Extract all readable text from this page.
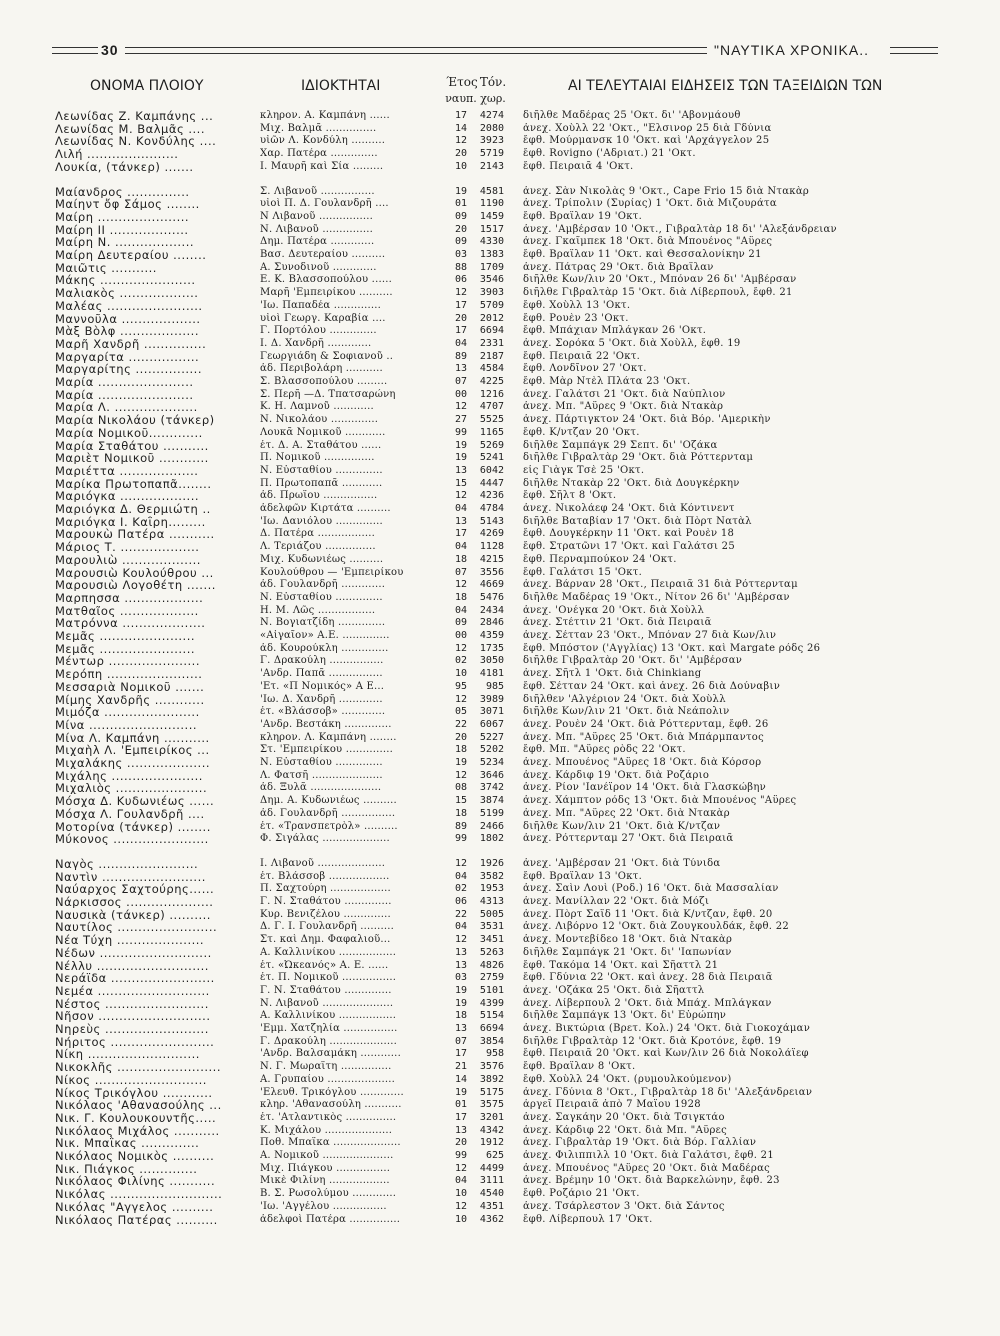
30	"ΝΑΥΤΙΚΑ ΧΡΟΝΙΚΑ..
ΟΝΟΜΑ ΠΛΟΙΟΥ	ΙΔΙΟΚΤΗΤΑΙ	Έτος
ναυπ.
Τόν.
χωρ.
ΑΙ ΤΕΛΕΥΤΑΙΑΙ ΕΙΔΗΣΕΙΣ ΤΩΝ ΤΑΞΕΙΔΙΩΝ ΤΩΝ
Λεωνίδας Ζ. Καμπάνης ...	κληρον. Α. Καμπάνη ......	17	4274 διῆλθε Μαδέρας 25 'Οκτ. δι' 'Αβονμάουθ
Λεωνίδας Μ. Βαλμᾶς ....	Μιχ. Βαλμᾶ ...............	14	2080 ἀνεχ. Χοὺλλ 22 'Οκτ., "Ελσινορ 25 διὰ Γδύνια
Λεωνίδας Ν. Κονδύλης ....	υἱῶν Λ. Κονδύλη ..........	12	3923 ἔφθ. Μούρμανσκ 10 'Οκτ. καὶ 'Αρχάγγελον 25
Λιλή ......................	Χαρ. Πατέρα ..............	20	5719 ἔφθ. Rovigno ('Αδριατ.) 21 'Οκτ.
Λουκία, (τάνκερ) .......	Ι. Μαυρῆ καὶ Σία .........	10	2143 ἔφθ. Πειραιᾶ 4 'Οκτ.
Μαίανδρος ...............	Σ. Λιβανοῦ ................	19	4581 ἀνεχ. Σὰν Νικολὰς 9 'Οκτ., Cape Frio 15 διὰ Ντακὰρ
Μαίηντ ὄφ Σάμος ........	υἱοὶ Π. Δ. Γουλανδρῆ ....	01	1190 ἀνεχ. Τρίπολιν (Συρίας) 1 'Οκτ. διὰ Μιζουράτα
Μαίρη ......................	Ν Λιβανοῦ ................	09	1459 ἔφθ. Βραΐλαν 19 'Οκτ.
Μαίρη ΙΙ ...................	Ν. Λιβανοῦ ...............	20	1517 ἀνεχ. 'Αμβέρσαν 10 'Οκτ., Γιβραλτὰρ 18 δι' 'Αλεξάνδρειαν
Μαίρη Ν. ...................	Δημ. Πατέρα .............	09	4330 ἀνεχ. Γκαῖμπεκ 18 'Οκτ. διὰ Μπουένος "Αϋρες
Μαίρη Δευτεραίου ........	Βασ. Δευτεραίου ..........	03	1383 ἔφθ. Βραΐλαν 11 'Οκτ. καὶ Θεσσαλονίκην 21
Μαιῶτις ...........	Α. Συνοδινοῦ .............	88	1709 ἀνεχ. Πάτρας 29 'Οκτ. διὰ Βραΐλαν
Μάκης .......................	Ε. Κ. Βλασσοπούλου ......	06	3546 διῆλθε Κων/λιν 20 'Οκτ., Μπόναν 26 δι' 'Αμβέρσαν
Μαλιακὸς ...................	Μαρῆ 'Εμπειρίκου ..........	12	3903 διῆλθε Γιβραλτὰρ 15 'Οκτ. διὰ Λίβερπουλ, ἔφθ. 21
Μαλέας .......................	'Ιω. Παπαδέα ..............	17	5709 ἔφθ. Χοὺλλ 13 'Οκτ.
Μαννοῦλα ...................	υἱοὶ Γεωργ. Καραβία ....	20	2012 ἔφθ. Ρουὲν 23 'Οκτ.
Μὰξ Βὸλφ ...................	Γ. Πορτόλου ..............	17	6694 ἔφθ. Μπάχιαν Μπλάγκαν 26 'Οκτ.
Μαρῆ Χανδρῆ ...............	Ι. Δ. Χανδρῆ .............	04	2331 ἀνεχ. Σορόκα 5 'Οκτ. διὰ Χοὺλλ, ἔφθ. 19
Μαργαρίτα .................	Γεωργιάδη & Σοφιανοῦ ..	89	2187 ἔφθ. Πειραιᾶ 22 'Οκτ.
Μαργαρίτης ................	ἀδ. Περιβολάρη ...........	13	4584 ἔφθ. Λονδῖνον 27 'Οκτ.
Μαρία .......................	Σ. Βλασσοπούλου .........	07	4225 ἔφθ. Μὰρ Ντὲλ Πλάτα 23 'Οκτ.
Μαρία .......................	Σ. Περῆ —Δ. Τπατσαρώνη	00	1216 ἀνεχ. Γαλάτσι 21 'Οκτ. διὰ Ναύπλιον
Μαρία Λ. ....................	Κ. Η. Λαμνοῦ ............	12	4707 ἀνεχ. Μπ. "Αϋρες 9 'Οκτ. διὰ Ντακὰρ
Μαρία Νικολάου (τάνκερ)	Ν. Νικολάου ..............	27	5525 ἀνεχ. Πάρτιγκτον 24 'Οκτ. διὰ Βόρ. 'Αμερικὴν
Μαρία Νομικοῦ.............	Λουκᾶ Νομικοῦ ............	99	1165 ἔφθ. Κ/ντζαν 20 'Οκτ.
Μαρία Σταθάτου ...........	ἐτ. Δ. Α. Σταθάτου ......	19	5269 διῆλθε Σαμπάγκ 29 Σεπτ. δι' 'Οζάκα
Μαριὲτ Νομικοῦ ............	Π. Νομικοῦ ...............	19	5241 διῆλθε Γιβραλτὰρ 29 'Οκτ. διὰ Ρόττερνταμ
Μαριέττα ...................	Ν. Εὐσταθίου ..............	13	6042 εἰς Γιὰγκ Τσὲ 25 'Οκτ.
Μαρίκα Πρωτοπαπᾶ........	Π. Πρωτοπαπᾶ ............	15	4447 διῆλθε Ντακὰρ 22 'Οκτ. διὰ Δουγκέρκην
Μαριόγκα ...................	ἀδ. Πρωΐου ................	12	4236 ἔφθ. Σῆλτ 8 'Οκτ.
Μαριόγκα Δ. Θερμιώτη ..	ἀδελφῶν Κιρτάτα ..........	04	4784 ἀνεχ. Νικολάεφ 24 'Οκτ. διὰ Κόντινεντ
Μαριόγκα Ι. Καΐρη.........	'Ιω. Δανιόλου ..............	13	5143 διῆλθε Βαταβίαν 17 'Οκτ. διὰ Πὸρτ Νατὰλ
Μαρουκὼ Πατέρα ...........	Δ. Πατέρα .................	17	4269 ἔφθ. Δουγκέρκην 11 'Οκτ. καὶ Ρουὲν 18
Μάριος Τ. ...................	Λ. Τεριάζου ...............	04	1128 ἔφθ. Στρατῶνι 17 'Οκτ. καὶ Γαλάτσι 25
Μαρουλιὼ ...................	Μιχ. Κυδωνιέως ..........	18	4215 ἔφθ. Περναμπούκον 24 'Οκτ.
Μαρουσιὼ Κουλούθρου ...	Κουλούθρου — 'Εμπειρίκου	07	3556 ἔφθ. Γαλάτσι 15 'Οκτ.
Μαρουσιὼ Λογοθέτη .......	ἀδ. Γουλανδρῆ .............	12	4669 ἀνεχ. Βάρναν 28 'Οκτ., Πειραιᾶ 31 διὰ Ρόττερνταμ
Μαρπησσα ...................	Ν. Εὐσταθίου ..............	18	5476 διῆλθε Μαδέρας 19 'Οκτ., Νίτον 26 δι' 'Αμβέρσαν
Ματθαῖος ...................	Η. Μ. Λῶς .................	04	2434 ἀνεχ. 'Ονέγκα 20 'Οκτ. διὰ Χοὺλλ
Ματρόννα ....................	Ν. Βογιατζίδη ..............	09	2846 ἀνεχ. Στέττιν 21 'Οκτ. διὰ Πειραιᾶ
Μεμᾶς .......................	«Αἰγαῖον» Α.Ε. ..............	00	4359 ἀνεχ. Σέτταν 23 'Οκτ., Μπόναν 27 διὰ Κων/λιν
Μεμᾶς .......................	ἀδ. Κουρούκλη ..............	12	1735 ἔφθ. Μπόστον ('Αγγλίας) 13 'Οκτ. καὶ Margate ρόδς 26
Μέντωρ ......................	Γ. Δρακούλη ................	02	3050 διῆλθε Γιβραλτὰρ 20 'Οκτ. δι' 'Αμβέρσαν
Μερόπη .......................	'Ανδρ. Παπᾶ ................	10	4181 ἀνεχ. Σῆτλ 1 'Οκτ. διὰ Chinkiang
Μεσσαριὰ Νομικοῦ .......	'Ετ. «Π Νομικός» Α Ε...	95	985 ἔφθ. Σέτταν 24 'Οκτ. καὶ ἀνεχ. 26 διὰ Δούναβιν
Μίμης Χανδρῆς ............	'Ιω. Δ. Χανδρῆ .............	12	3989 διῆλθεν 'Αλγέριον 24 'Οκτ. διὰ Χοὺλλ
Μιμόζα .......................	ἐτ. «Βλάσσοβ» .............	05	3071 διῆλθε Κων/λιν 21 'Οκτ. διὰ Νεάπολιν
Μίνα ..........................	'Ανδρ. Βεστάκη ..............	22	6067 ἀνεχ. Ρουὲν 24 'Οκτ. διὰ Ρόττερνταμ, ἔφθ. 26
Μίνα Λ. Καμπάνη ...........	κληρον. Λ. Καμπάνη ........	20	5227 ἀνεχ. Μπ. "Αϋρες 25 'Οκτ. διὰ Μπάρμπαντος
Μιχαὴλ Λ. 'Εμπειρίκος ...	Στ. 'Εμπειρίκου ..............	18	5202 ἔφθ. Μπ. "Αϋρες ρὸδς 22 'Οκτ.
Μιχαλάκης ....................	Ν. Εὐσταθίου ..............	19	5234 ἀνεχ. Μπουένος "Αϋρες 18 'Οκτ. διὰ Κόρσορ
Μιχάλης ......................	Λ. Φατσῆ .....................	12	3646 ἀνεχ. Κάρδιφ 19 'Οκτ. διὰ Ροζάριο
Μιχαλιὸς ......................	ἀδ. Ξυλᾶ .....................	08	3742 ἀνεχ. Ρίον 'Ιανέϊρον 14 'Οκτ. διὰ Γλασκώβην
Μόσχα Δ. Κυδωνιέως ......	Δημ. Α. Κυδωνιέως ..........	15	3874 ἀνεχ. Χάμπτον ρόδς 13 'Οκτ. διὰ Μπουένος "Αϋρες
Μόσχα Λ. Γουλανδρῆ ....	ἀδ. Γουλανδρῆ ................	18	5199 ἀνεχ. Μπ. "Αϋρες 22 'Οκτ. διὰ Ντακὰρ
Μοτορίνα (τάνκερ) ........	ἐτ. «Τρανσπετρὸλ» ..........	89	2466 διῆλθε Κων/λιν 21 'Οκτ. διὰ Κ/ντζαν
Μύκονος .......................	Φ. Σιγάλας ....................	99	1802 ἀνεχ. Ρόττερνταμ 27 'Οκτ. διὰ Πειραιᾶ
Ναγὸς ........................	Ι. Λιβανοῦ ....................	12	1926 ἀνεχ. 'Αμβέρσαν 21 'Οκτ. διὰ Τύνιδα
Ναντὶν .........................	ἐτ. Βλάσσοβ ..................	04	3582 ἔφθ. Βραΐλαν 13 'Οκτ.
Ναύαρχος Σαχτούρης......	Π. Σαχτούρη ..................	02	1953 ἀνεχ. Σαὶν Λουὶ (Ροδ.) 16 'Οκτ. διὰ Μασσαλίαν
Νάρκισσος .....................	Γ. Ν. Σταθάτου ..............	06	4313 ἀνεχ. Μανίλλαν 22 'Οκτ. διὰ Μόζι
Ναυσικὰ (τάνκερ) ..........	Κυρ. Βενιζέλου ..............	22	5005 ἀνεχ. Πὸρτ Σαΐδ 11 'Οκτ. διὰ Κ/ντζαν, ἔφθ. 20
Ναυτίλος ........................	Δ. Γ. Ι. Γουλανδρῆ ..........	04	3531 ἀνεχ. Λιβόρνο 12 'Οκτ. διὰ Ζουγκουλδάκ, ἔφθ. 22
Νέα Τύχη .....................	Στ. καὶ Δημ. Φαφαλιοῦ...	12	3451 ἀνεχ. Μοντεβίδεο 18 'Οκτ. διὰ Ντακὰρ
Νέδων ...........................	Α. Καλλινίκου .................	13	5263 διῆλθε Σαμπάγκ 21 'Οκτ. δι' 'Ιαπωνίαν
Νέλλυ ...........................	ἐτ. «Ὠκεανός» Α. Ε. ......	13	4826 ἔφθ. Τακόμα 14 'Οκτ. καὶ Σῆαττλ 21
Νεράϊδα .........................	ἐτ. Π. Νομικοῦ ................	03	2759 ἔφθ. Γδύνια 22 'Οκτ. καὶ ἀνεχ. 28 διὰ Πειραιᾶ
Νεμέα ...........................	Γ. Ν. Σταθάτου ..............	19	5101 ἀνεχ. 'Οζάκα 25 'Οκτ. διὰ Σῆαττλ
Νέστος .........................	Ν. Λιβανοῦ .....................	19	4399 ἀνεχ. Λίβερπουλ 2 'Οκτ. διὰ Μπάχ. Μπλάγκαν
Νῆσον ...........................	Α. Καλλινίκου .................	18	5154 διῆλθε Σαμπάγκ 13 'Οκτ. δι' Εὐρώπην
Νηρεὺς .........................	'Εμμ. Χατζηλία ................	13	6694 ἀνεχ. Βικτώρια (Βρετ. Κολ.) 24 'Οκτ. διὰ Γιοκοχάμαν
Νήριτος .........................	Γ. Δρακούλη ....................	07	3854 διῆλθε Γιβραλτὰρ 12 'Οκτ. διὰ Κροτόνε, ἔφθ. 19
Νίκη ...........................	'Ανδρ. Βαλσαμάκη ............	17	958 ἔφθ. Πειραιᾶ 20 'Οκτ. καὶ Κων/λιν 26 διὰ Νοκολάϊεφ
Νικοκλῆς .........................	Ν. Γ. Μωραΐτη ...............	21	3576 ἔφθ. Βραΐλαν 8 'Οκτ.
Νίκος ...........................	Α. Γρυπαίου ....................	14	3892 ἔφθ. Χοὺλλ 24 'Οκτ. (ρυμουλκούμενον)
Νίκος Τρικόγλου ............	'Ελευθ. Τρικόγλου .............	19	5175 ἀνεχ. Γδύνια 8 'Οκτ., Γιβραλτὰρ 18 δι' 'Αλεξάνδρειαν
Νικόλαος 'Αθανασούλης ...	κληρ. 'Αθανασούλη ...........	01	3575 ἀργεῖ Πειραιᾶ ἀπὸ 7 Μαΐου 1928
Νικ. Γ. Κουλουκουντῆς.....	ἐτ. 'Ατλαντικὸς ...............	17	3201 ἀνεχ. Σαγκάην 20 'Οκτ. διὰ Τσιγκτάο
Νικόλαος Μιχάλος ...........	Κ. Μιχάλου ....................	13	4342 ἀνεχ. Κάρδιφ 22 'Οκτ. διὰ Μπ. "Αϋρες
Νικ. Μπαΐκας ..............	Ποθ. Μπαΐκα ....................	20	1912 ἀνεχ. Γιβραλτὰρ 19 'Οκτ. διὰ Βόρ. Γαλλίαν
Νικόλαος Νομικὸς ..........	Α. Νομικοῦ .....................	99	625 ἀνεχ. Φιλιππιλλ 10 'Οκτ. διὰ Γαλάτσι, ἔφθ. 21
Νικ. Πιάγκος ..............	Μιχ. Πιάγκου ................	12	4499 ἀνεχ. Μπουένος "Αϋρες 20 'Οκτ. διὰ Μαδέρας
Νικόλαος Φιλίνης ...........	Μικὲ Φιλίνη ..................	04	3111 ἀνεχ. Βρέμην 10 'Οκτ. διὰ Βαρκελώνην, ἔφθ. 23
Νικόλας ...........................	Β. Σ. Ρωσολύμου .............	10	4540 ἔφθ. Ροζάριο 21 'Οκτ.
Νικόλας "Αγγελος ..........	'Ιω. 'Αγγέλου ................	12	4351 ἀνεχ. Τσάρλεστον 3 'Οκτ. διὰ Σάντος
Νικόλαος Πατέρας ..........	ἀδελφοὶ Πατέρα ...............	10	4362 ἔφθ. Λίβερπουλ 17 'Οκτ.
